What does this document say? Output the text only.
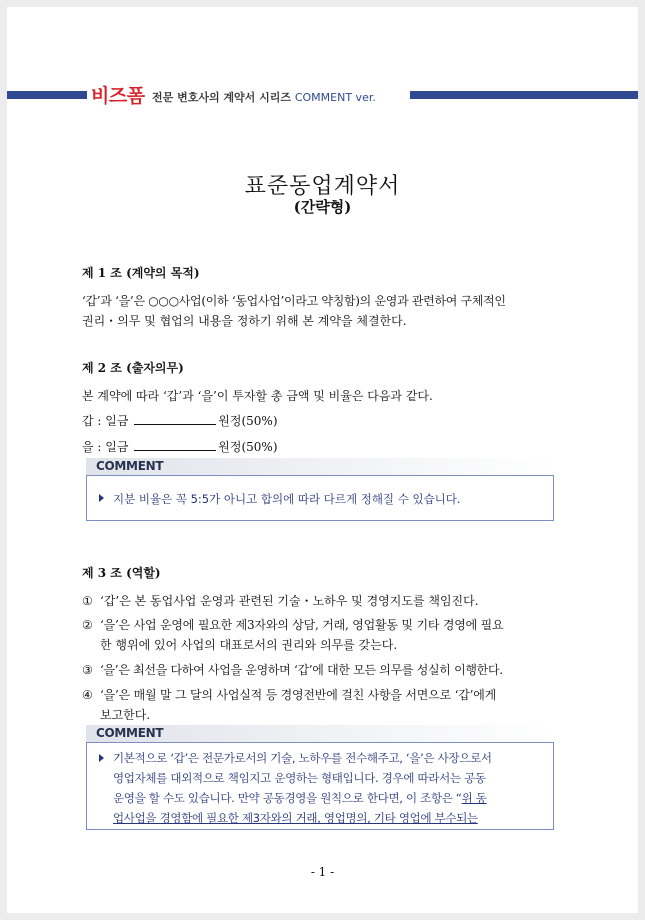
비즈폼 전문 변호사의 계약서 시리즈 COMMENT ver.
표준동업계약서
(간략형)
제 1 조 (계약의 목적)
‘갑’과 ‘을’은 ○○○사업(이하 ‘동업사업’이라고 약칭함)의 운영과 관련하여 구체적인
권리・의무 및 협업의 내용을 정하기 위해 본 계약을 체결한다.
제 2 조 (출자의무)
본 계약에 따라 ‘갑’과 ‘을’이 투자할 총 금액 및 비율은 다음과 같다.
갑 : 일금	원정(50%)
을 : 일금	원정(50%)
COMMENT
지분 비율은 꼭 5:5가 아니고 합의에 따라 다르게 정해질 수 있습니다.
제 3 조 (역할)
① ‘갑’은 본 동업사업 운영과 관련된 기술・노하우 및 경영지도를 책임진다.
② ‘을’은 사업 운영에 필요한 제3자와의 상담, 거래, 영업활동 및 기타 경영에 필요
한 행위에 있어 사업의 대표로서의 권리와 의무를 갖는다.
③ ‘을’은 최선을 다하여 사업을 운영하며 ‘갑’에 대한 모든 의무를 성실히 이행한다.
④ ‘을’은 매월 말 그 달의 사업실적 등 경영전반에 걸친 사항을 서면으로 ‘갑’에게
보고한다.
COMMENT
기본적으로 ‘갑’은 전문가로서의 기술, 노하우를 전수해주고, ‘을’은 사장으로서
영업자체를 대외적으로 책임지고 운영하는 형태입니다. 경우에 따라서는 공동
운영을 할 수도 있습니다. 만약 공동경영을 원칙으로 한다면, 이 조항은 “위 동
업사업을 경영함에 필요한 제3자와의 거래, 영업명의, 기타 영업에 부수되는
- 1 -
